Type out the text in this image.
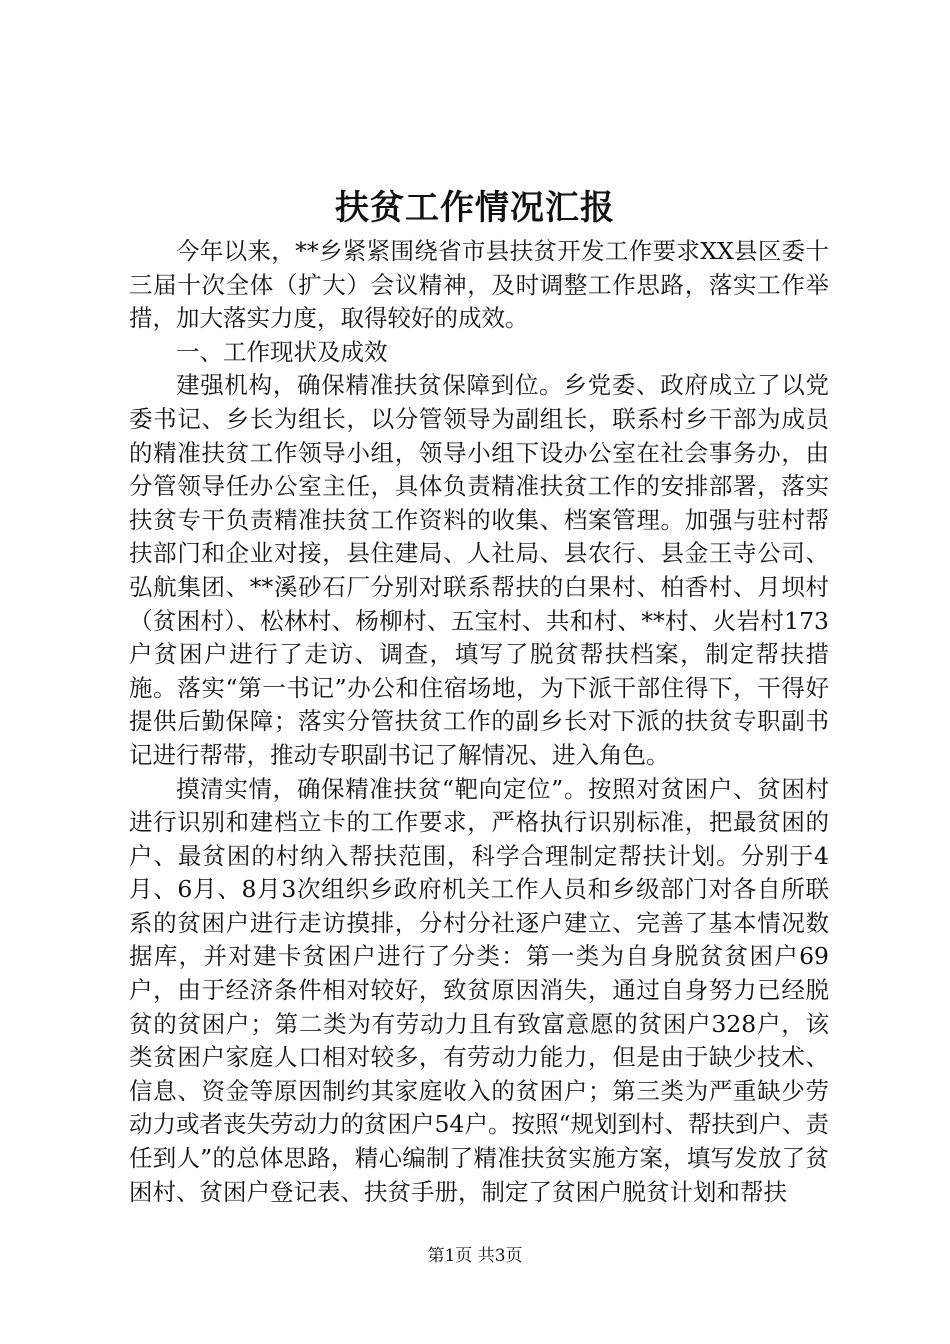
扶贫工作情况汇报

今年以来，**乡紧紧围绕省市县扶贫开发工作要求XX县区委十三届十次全体（扩大）会议精神，及时调整工作思路，落实工作举措，加大落实力度，取得较好的成效。

一、工作现状及成效

建强机构，确保精准扶贫保障到位。乡党委、政府成立了以党委书记、乡长为组长，以分管领导为副组长，联系村乡干部为成员的精准扶贫工作领导小组，领导小组下设办公室在社会事务办，由分管领导任办公室主任，具体负责精准扶贫工作的安排部署，落实扶贫专干负责精准扶贫工作资料的收集、档案管理。加强与驻村帮扶部门和企业对接，县住建局、人社局、县农行、县金王寺公司、弘航集团、**溪砂石厂分别对联系帮扶的白果村、柏香村、月坝村（贫困村）、松林村、杨柳村、五宝村、共和村、**村、火岩村173户贫困户进行了走访、调查，填写了脱贫帮扶档案，制定帮扶措施。落实“第一书记”办公和住宿场地，为下派干部住得下，干得好提供后勤保障；落实分管扶贫工作的副乡长对下派的扶贫专职副书记进行帮带，推动专职副书记了解情况、进入角色。

摸清实情，确保精准扶贫“靶向定位”。按照对贫困户、贫困村进行识别和建档立卡的工作要求，严格执行识别标准，把最贫困的户、最贫困的村纳入帮扶范围，科学合理制定帮扶计划。分别于4月、6月、8月3次组织乡政府机关工作人员和乡级部门对各自所联系的贫困户进行走访摸排，分村分社逐户建立、完善了基本情况数据库，并对建卡贫困户进行了分类：第一类为自身脱贫贫困户69户，由于经济条件相对较好，致贫原因消失，通过自身努力已经脱贫的贫困户；第二类为有劳动力且有致富意愿的贫困户328户，该类贫困户家庭人口相对较多，有劳动力能力，但是由于缺少技术、信息、资金等原因制约其家庭收入的贫困户；第三类为严重缺少劳动力或者丧失劳动力的贫困户54户。按照“规划到村、帮扶到户、责任到人”的总体思路，精心编制了精准扶贫实施方案，填写发放了贫困村、贫困户登记表、扶贫手册，制定了贫困户脱贫计划和帮扶

第1页 共3页
